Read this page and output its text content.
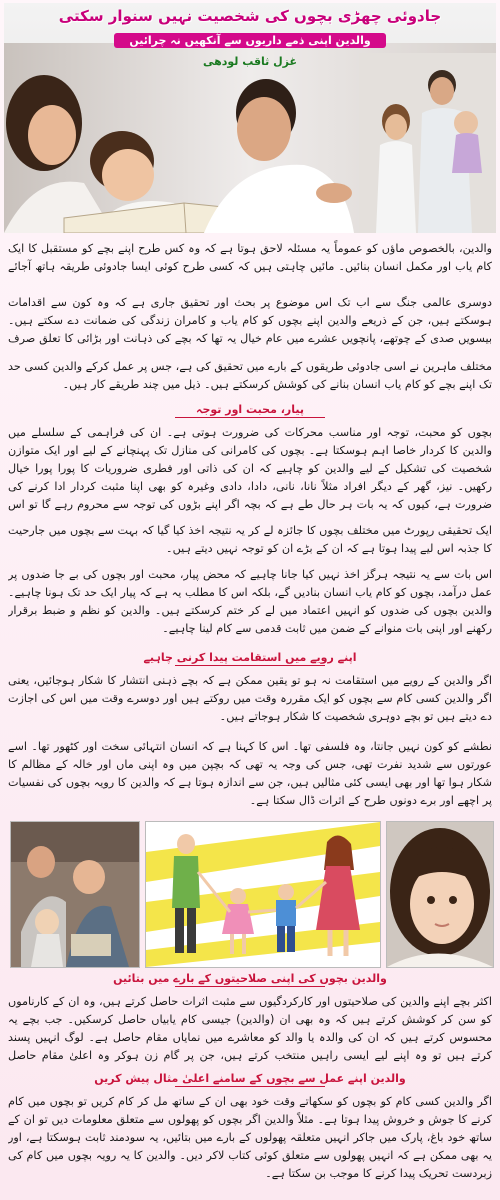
جادوئی چھڑی بچوں کی شخصیت نہیں سنوار سکتی
والدین اپنی ذمے داریوں سے آنکھیں نہ چرائیں
غزل ثاقب لودھی
والدین، بالخصوص ماؤں کو عموماً یہ مسئلہ لاحق ہوتا ہے کہ وہ کس طرح اپنے بچے کو مستقبل کا ایک کام یاب اور مکمل انسان بنائیں۔ مائیں چاہتی ہیں کہ کسی طرح کوئی ایسا جادوئی طریقہ ہاتھ آجائے
دوسری عالمی جنگ سے اب تک اس موضوع پر بحث اور تحقیق جاری ہے کہ وہ کون سے اقدامات ہوسکتے ہیں، جن کے ذریعے والدین اپنے بچوں کو کام یاب و کامران زندگی کی ضمانت دے سکتے ہیں۔ بیسویں صدی کے چوتھے، پانچویں عشرے میں عام خیال یہ تھا کہ بچے کی ذہانت اور بڑائی کا تعلق صرف
مختلف ماہرین نے اسی جادوئی طریقوں کے بارے میں تحقیق کی ہے، جس پر عمل کرکے والدین کسی حد تک اپنے بچے کو کام یاب انسان بنانے کی کوشش کرسکتے ہیں۔ ذیل میں چند طریقے کار ہیں۔
پیار، محبت اور توجہ
بچوں کو محبت، توجہ اور مناسب محرکات کی ضرورت ہوتی ہے۔ ان کی فراہمی کے سلسلے میں والدین کا کردار خاصا اہم ہوسکتا ہے۔ بچوں کی کامرانی کی منازل تک پہنچانے کے لیے اور ایک متوازن شخصیت کی تشکیل کے لیے والدین کو چاہیے کہ ان کی ذاتی اور فطری ضروریات کا پورا پورا خیال رکھیں۔ نیز، گھر کے دیگر افراد مثلاً نانا، نانی، دادا، دادی وغیرہ کو بھی اپنا مثبت کردار ادا کرنے کی ضرورت ہے، کیوں کہ یہ بات ہر حال طے ہے کہ بچہ اگر اپنے بڑوں کی توجہ سے محروم رہے گا تو اس
ایک تحقیقی رپورٹ میں مختلف بچوں کا جائزہ لے کر یہ نتیجہ اخذ کیا گیا کہ بہت سے بچوں میں جارحیت کا جذبہ اس لیے پیدا ہوتا ہے کہ ان کے بڑے ان کو توجہ نہیں دیتے ہیں۔
اس بات سے یہ نتیجہ ہرگز اخذ نہیں کیا جانا چاہیے کہ محض پیار، محبت اور بچوں کی بے جا ضدوں پر عمل درآمد، بچوں کو کام یاب انسان بنادیں گے، بلکہ اس کا مطلب یہ ہے کہ پیار ایک حد تک ہونا چاہیے۔ والدین بچوں کی ضدوں کو انہیں اعتماد میں لے کر ختم کرسکتے ہیں۔ والدین کو نظم و ضبط برقرار رکھنے اور اپنی بات منوانے کے ضمن میں ثابت قدمی سے کام لینا چاہیے۔
اپنے رویے میں استقامت پیدا کرنی چاہیے
اگر والدین کے رویے میں استقامت نہ ہو تو یقین ممکن ہے کہ بچے ذہنی انتشار کا شکار ہوجائیں، یعنی اگر والدین کسی کام سے بچوں کو ایک مقررہ وقت میں روکتے ہیں اور دوسرے وقت میں اس کی اجازت دے دیتے ہیں تو بچے دوہری شخصیت کا شکار ہوجاتے ہیں۔
نطشے کو کون نہیں جانتا، وہ فلسفی تھا۔ اس کا کہنا ہے کہ انسان انتہائی سخت اور کٹھور تھا۔ اسے عورتوں سے شدید نفرت تھی، جس کی وجہ یہ تھی کہ بچپن میں وہ اپنی ماں اور خالہ کے مظالم کا شکار ہوا تھا اور بھی ایسی کئی مثالیں ہیں، جن سے اندازہ ہوتا ہے کہ والدین کا رویہ بچوں کی نفسیات پر اچھے اور برے دونوں طرح کے اثرات ڈال سکتا ہے۔
والدین بچوں کی اپنی صلاحیتوں کے بارے میں بتائیں
اکثر بچے اپنے والدین کی صلاحیتوں اور کارکردگیوں سے مثبت اثرات حاصل کرتے ہیں، وہ ان کے کارناموں کو سن کر کوشش کرتے ہیں کہ وہ بھی ان (والدین) جیسی کام یابیاں حاصل کرسکیں۔ جب بچے یہ محسوس کرتے ہیں کہ ان کی والدہ یا والد کو معاشرے میں نمایاں مقام حاصل ہے۔ لوگ انہیں پسند کرتے ہیں تو وہ اپنے لیے ایسی راہیں منتخب کرتے ہیں، جن پر گام زن ہوکر وہ اعلیٰ مقام حاصل
والدین اپنے عمل سے بچوں کے سامنے اعلیٰ مثال پیش کریں
اگر والدین کسی کام کو بچوں کو سکھاتے وقت خود بھی ان کے ساتھ مل کر کام کریں تو بچوں میں کام کرنے کا جوش و خروش پیدا ہوتا ہے۔ مثلاً والدین اگر بچوں کو پھولوں سے متعلق معلومات دیں تو ان کے ساتھ خود باغ، پارک میں جاکر انہیں متعلقہ پھولوں کے بارے میں بتائیں، یہ سودمند ثابت ہوسکتا ہے، اور یہ بھی ممکن ہے کہ انہیں پھولوں سے متعلق کوئی کتاب لاکر دیں۔ والدین کا یہ رویہ بچوں میں کام کی زبردست تحریک پیدا کرنے کا موجب بن سکتا ہے۔
